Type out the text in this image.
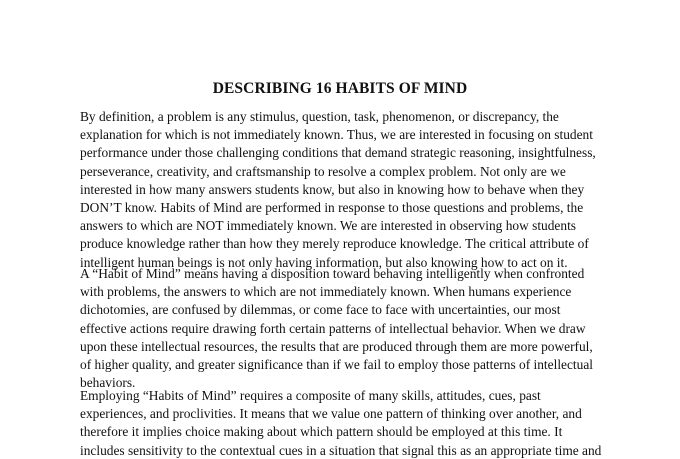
DESCRIBING 16 HABITS OF MIND

By definition, a problem is any stimulus, question, task, phenomenon, or discrepancy, the
explanation for which is not immediately known. Thus, we are interested in focusing on student
performance under those challenging conditions that demand strategic reasoning, insightfulness,
perseverance, creativity, and craftsmanship to resolve a complex problem. Not only are we
interested in how many answers students know, but also in knowing how to behave when they
DON’T know. Habits of Mind are performed in response to those questions and problems, the
answers to which are NOT immediately known. We are interested in observing how students
produce knowledge rather than how they merely reproduce knowledge. The critical attribute of
intelligent human beings is not only having information, but also knowing how to act on it.

A “Habit of Mind” means having a disposition toward behaving intelligently when confronted
with problems, the answers to which are not immediately known. When humans experience
dichotomies, are confused by dilemmas, or come face to face with uncertainties, our most
effective actions require drawing forth certain patterns of intellectual behavior. When we draw
upon these intellectual resources, the results that are produced through them are more powerful,
of higher quality, and greater significance than if we fail to employ those patterns of intellectual
behaviors.

Employing “Habits of Mind” requires a composite of many skills, attitudes, cues, past
experiences, and proclivities. It means that we value one pattern of thinking over another, and
therefore it implies choice making about which pattern should be employed at this time. It
includes sensitivity to the contextual cues in a situation that signal this as an appropriate time and
